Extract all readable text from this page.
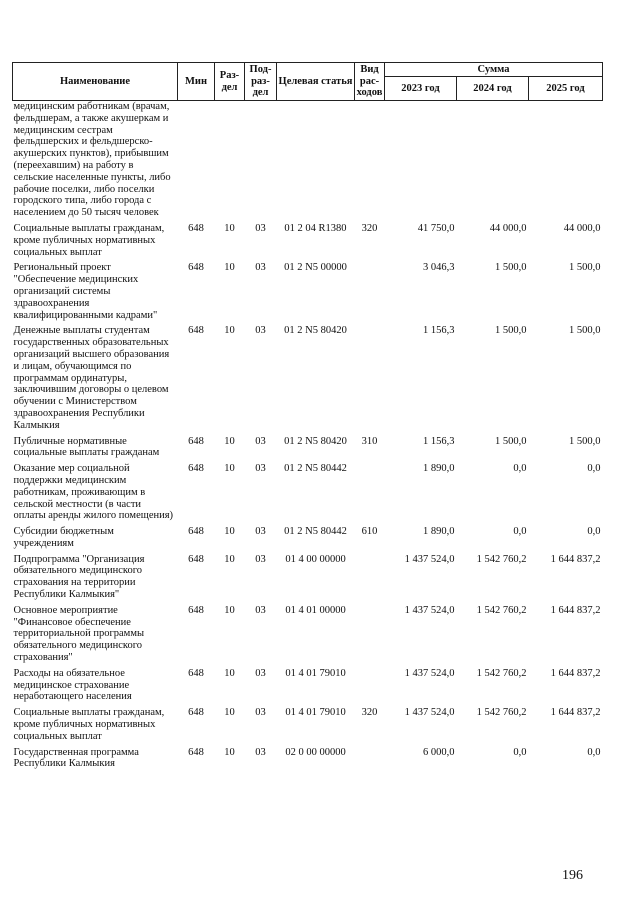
Наименование	Мин	Раз-дел	Под-раз-дел	Целевая статья	Вид рас-ходов	Сумма		
						2023 год	2024 год	2025 год
медицинским работникам (врачам, фельдшерам, а также акушеркам и медицинским сестрам фельдшерских и фельдшерско-акушерских пунктов), прибывшим (переехавшим) на работу в сельские населенные пункты, либо рабочие поселки, либо поселки городского типа, либо города с населением до 50 тысяч человек								
Социальные выплаты гражданам, кроме публичных нормативных социальных выплат	648	10	03	01 2 04 R1380	320	41 750,0	44 000,0	44 000,0
Региональный проект "Обеспечение медицинских организаций системы здравоохранения квалифицированными кадрами"	648	10	03	01 2 N5 00000		3 046,3	1 500,0	1 500,0
Денежные выплаты студентам государственных образовательных организаций высшего образования и лицам, обучающимся по программам ординатуры, заключившим договоры о целевом обучении с Министерством здравоохранения Республики Калмыкия	648	10	03	01 2 N5 80420		1 156,3	1 500,0	1 500,0
Публичные нормативные социальные выплаты гражданам	648	10	03	01 2 N5 80420	310	1 156,3	1 500,0	1 500,0
Оказание мер социальной поддержки медицинским работникам, проживающим в сельской местности (в части оплаты аренды жилого помещения)	648	10	03	01 2 N5 80442		1 890,0	0,0	0,0
Субсидии бюджетным учреждениям	648	10	03	01 2 N5 80442	610	1 890,0	0,0	0,0
Подпрограмма "Организация обязательного медицинского страхования на территории Республики Калмыкия"	648	10	03	01 4 00 00000		1 437 524,0	1 542 760,2	1 644 837,2
Основное мероприятие "Финансовое обеспечение территориальной программы обязательного медицинского страхования"	648	10	03	01 4 01 00000		1 437 524,0	1 542 760,2	1 644 837,2
Расходы на обязательное медицинское страхование неработающего населения	648	10	03	01 4 01 79010		1 437 524,0	1 542 760,2	1 644 837,2
Социальные выплаты гражданам, кроме публичных нормативных социальных выплат	648	10	03	01 4 01 79010	320	1 437 524,0	1 542 760,2	1 644 837,2
Государственная программа Республики Калмыкия	648	10	03	02 0 00 00000		6 000,0	0,0	0,0
196
